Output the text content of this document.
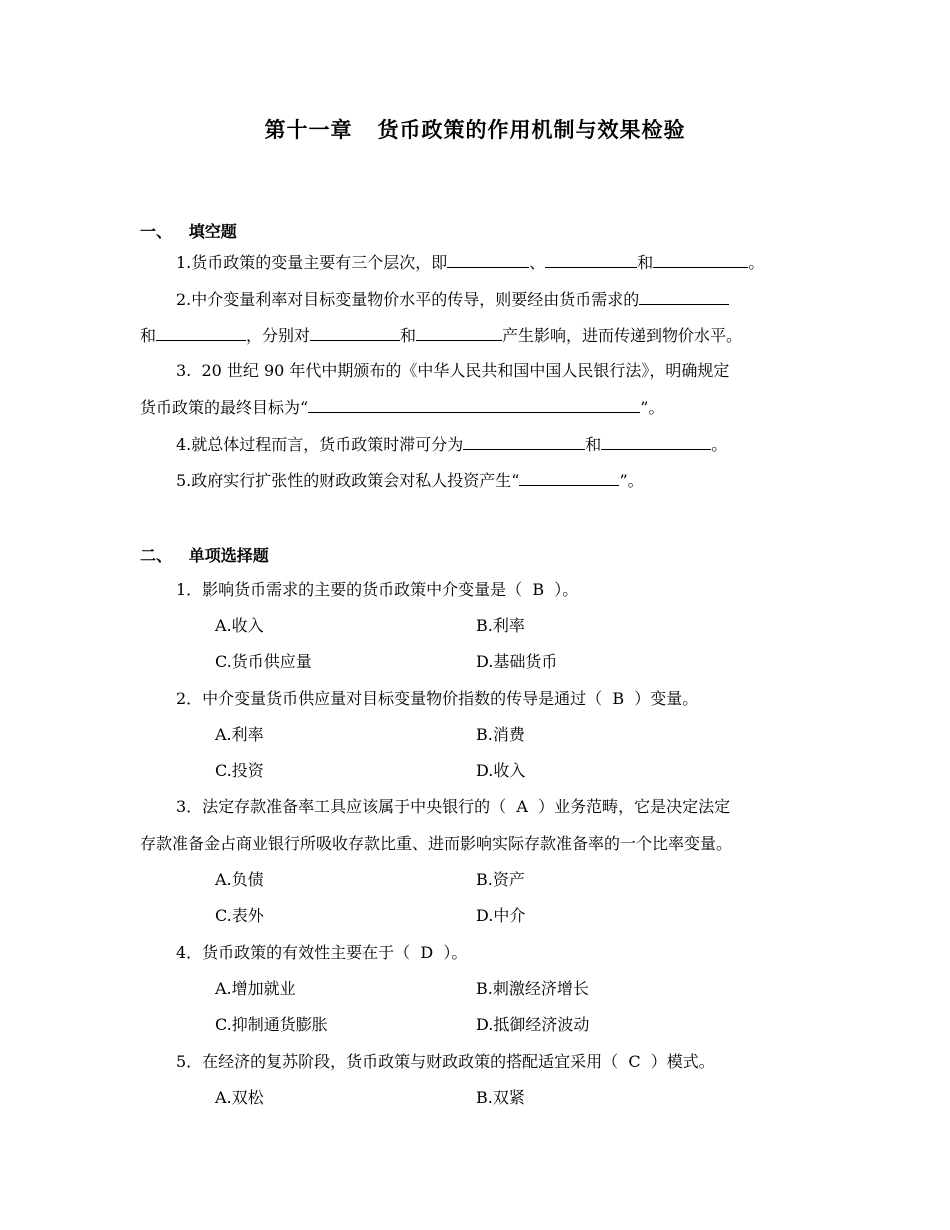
第十一章   货币政策的作用机制与效果检验
一、   填空题
1.货币政策的变量主要有三个层次，即	、	和	。
2.中介变量利率对目标变量物价水平的传导，则要经由货币需求的
和	，分别对	和	产生影响，进而传递到物价水平。
3.  20 世纪 90 年代中期颁布的《中华人民共和国中国人民银行法》，明确规定
货币政策的最终目标为“	”。
4.就总体过程而言，货币政策时滞可分为	和	。
5.政府实行扩张性的财政政策会对私人投资产生“	”。
二、   单项选择题
1．影响货币需求的主要的货币政策中介变量是（  B  ）。
A.收入	B.利率
C.货币供应量	D.基础货币
2．中介变量货币供应量对目标变量物价指数的传导是通过（  B  ）变量。
A.利率	B.消费
C.投资	D.收入
3．法定存款准备率工具应该属于中央银行的（  A  ）业务范畴，它是决定法定
存款准备金占商业银行所吸收存款比重、进而影响实际存款准备率的一个比率变量。
A.负债	B.资产
C.表外	D.中介
4．货币政策的有效性主要在于（  D  ）。
A.增加就业	B.刺激经济增长
C.抑制通货膨胀	D.抵御经济波动
5．在经济的复苏阶段，货币政策与财政政策的搭配适宜采用（  C  ）模式。
A.双松	B.双紧
